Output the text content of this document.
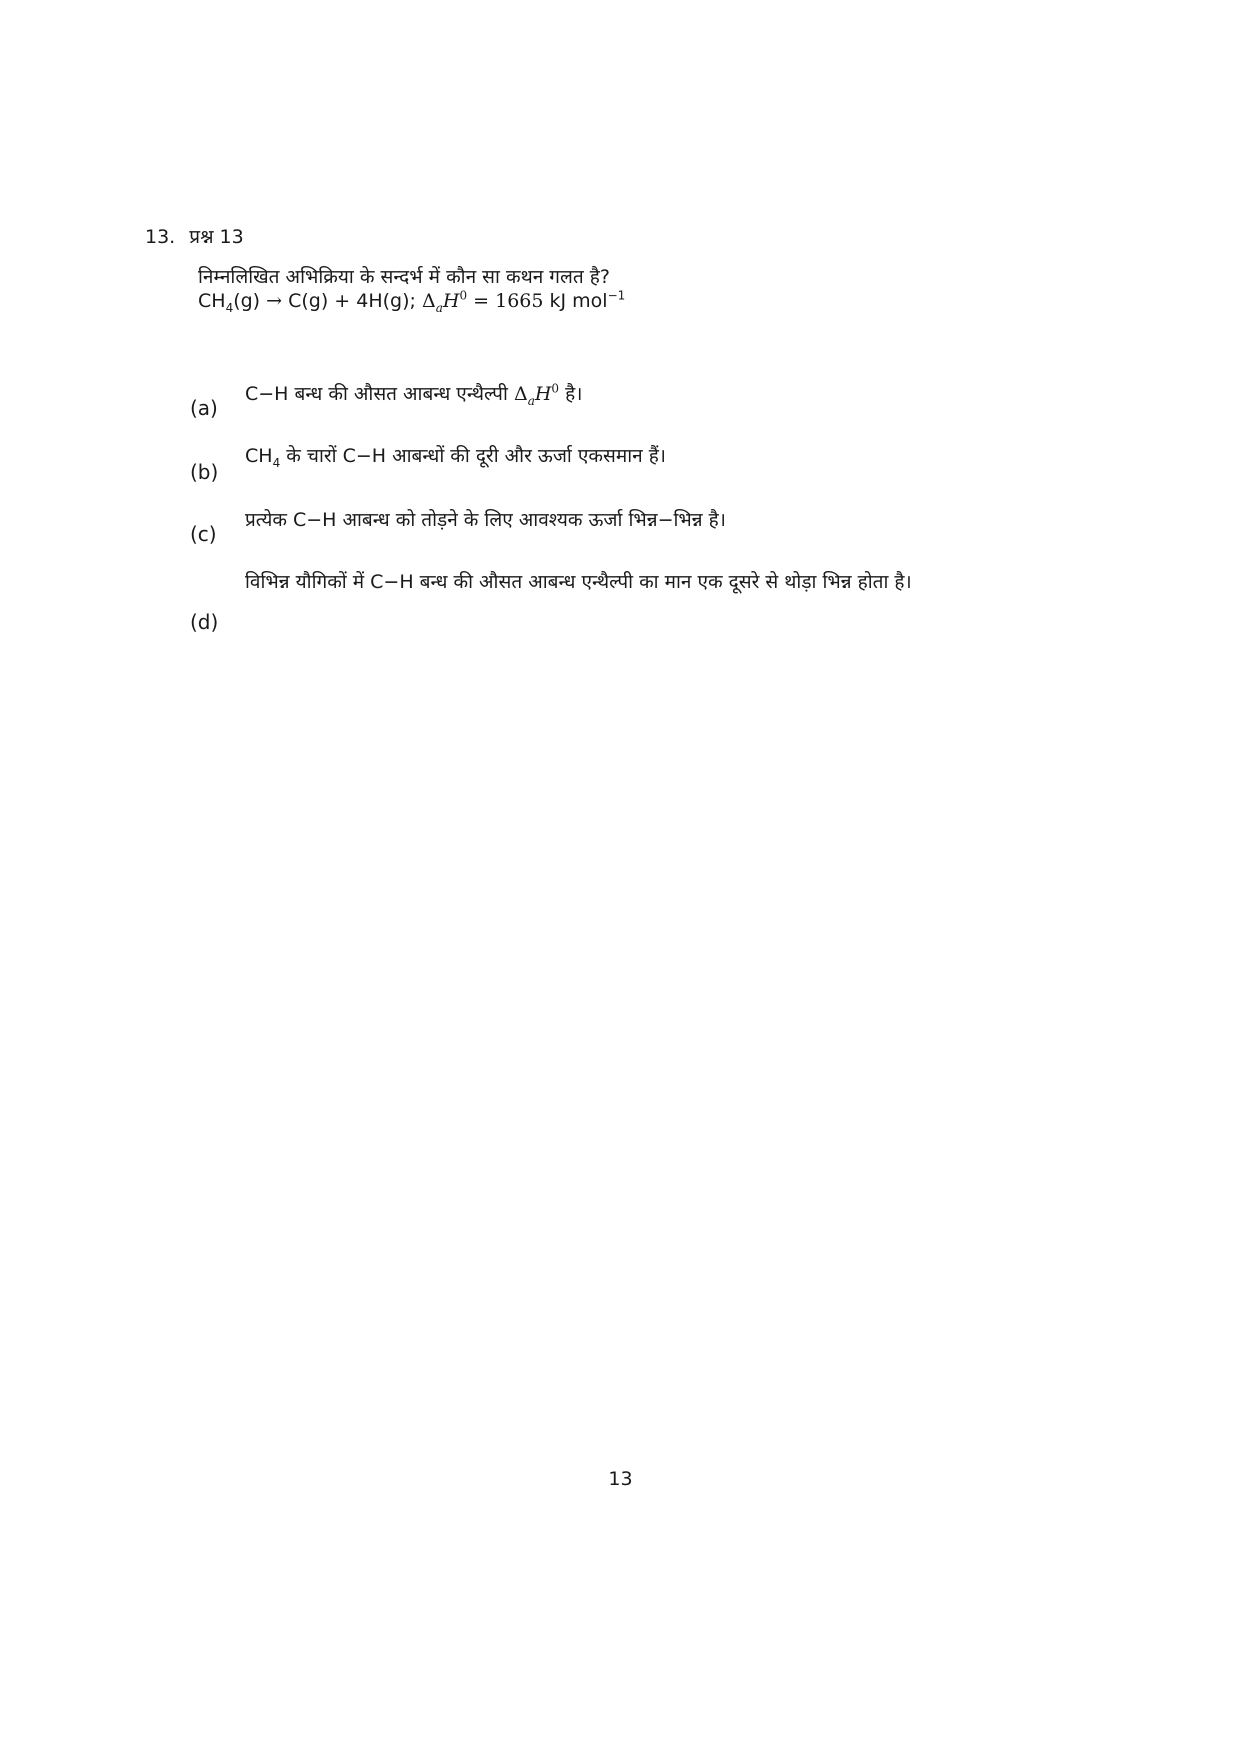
13. प्रश्न 13
निम्नलिखित अभिक्रिया के सन्दर्भ में कौन सा कथन गलत है?
$CH_4(g) \to C(g) + 4H(g)$; $\Delta_aH^0 = 1665$ kJ mol$^{-1}$
(a)
C−H बन्ध की औसत आबन्ध एन्थैल्पी $\Delta_aH^0$ है।
(b)
$CH_4$ के चारों C−H आबन्धों की दूरी और ऊर्जा एकसमान हैं।
(c)
प्रत्येक C−H आबन्ध को तोड़ने के लिए आवश्यक ऊर्जा भिन्न−भिन्न है।
(d)
विभिन्न यौगिकों में C−H बन्ध की औसत आबन्ध एन्थैल्पी का मान एक दूसरे से थोड़ा भिन्न होता है।
13
